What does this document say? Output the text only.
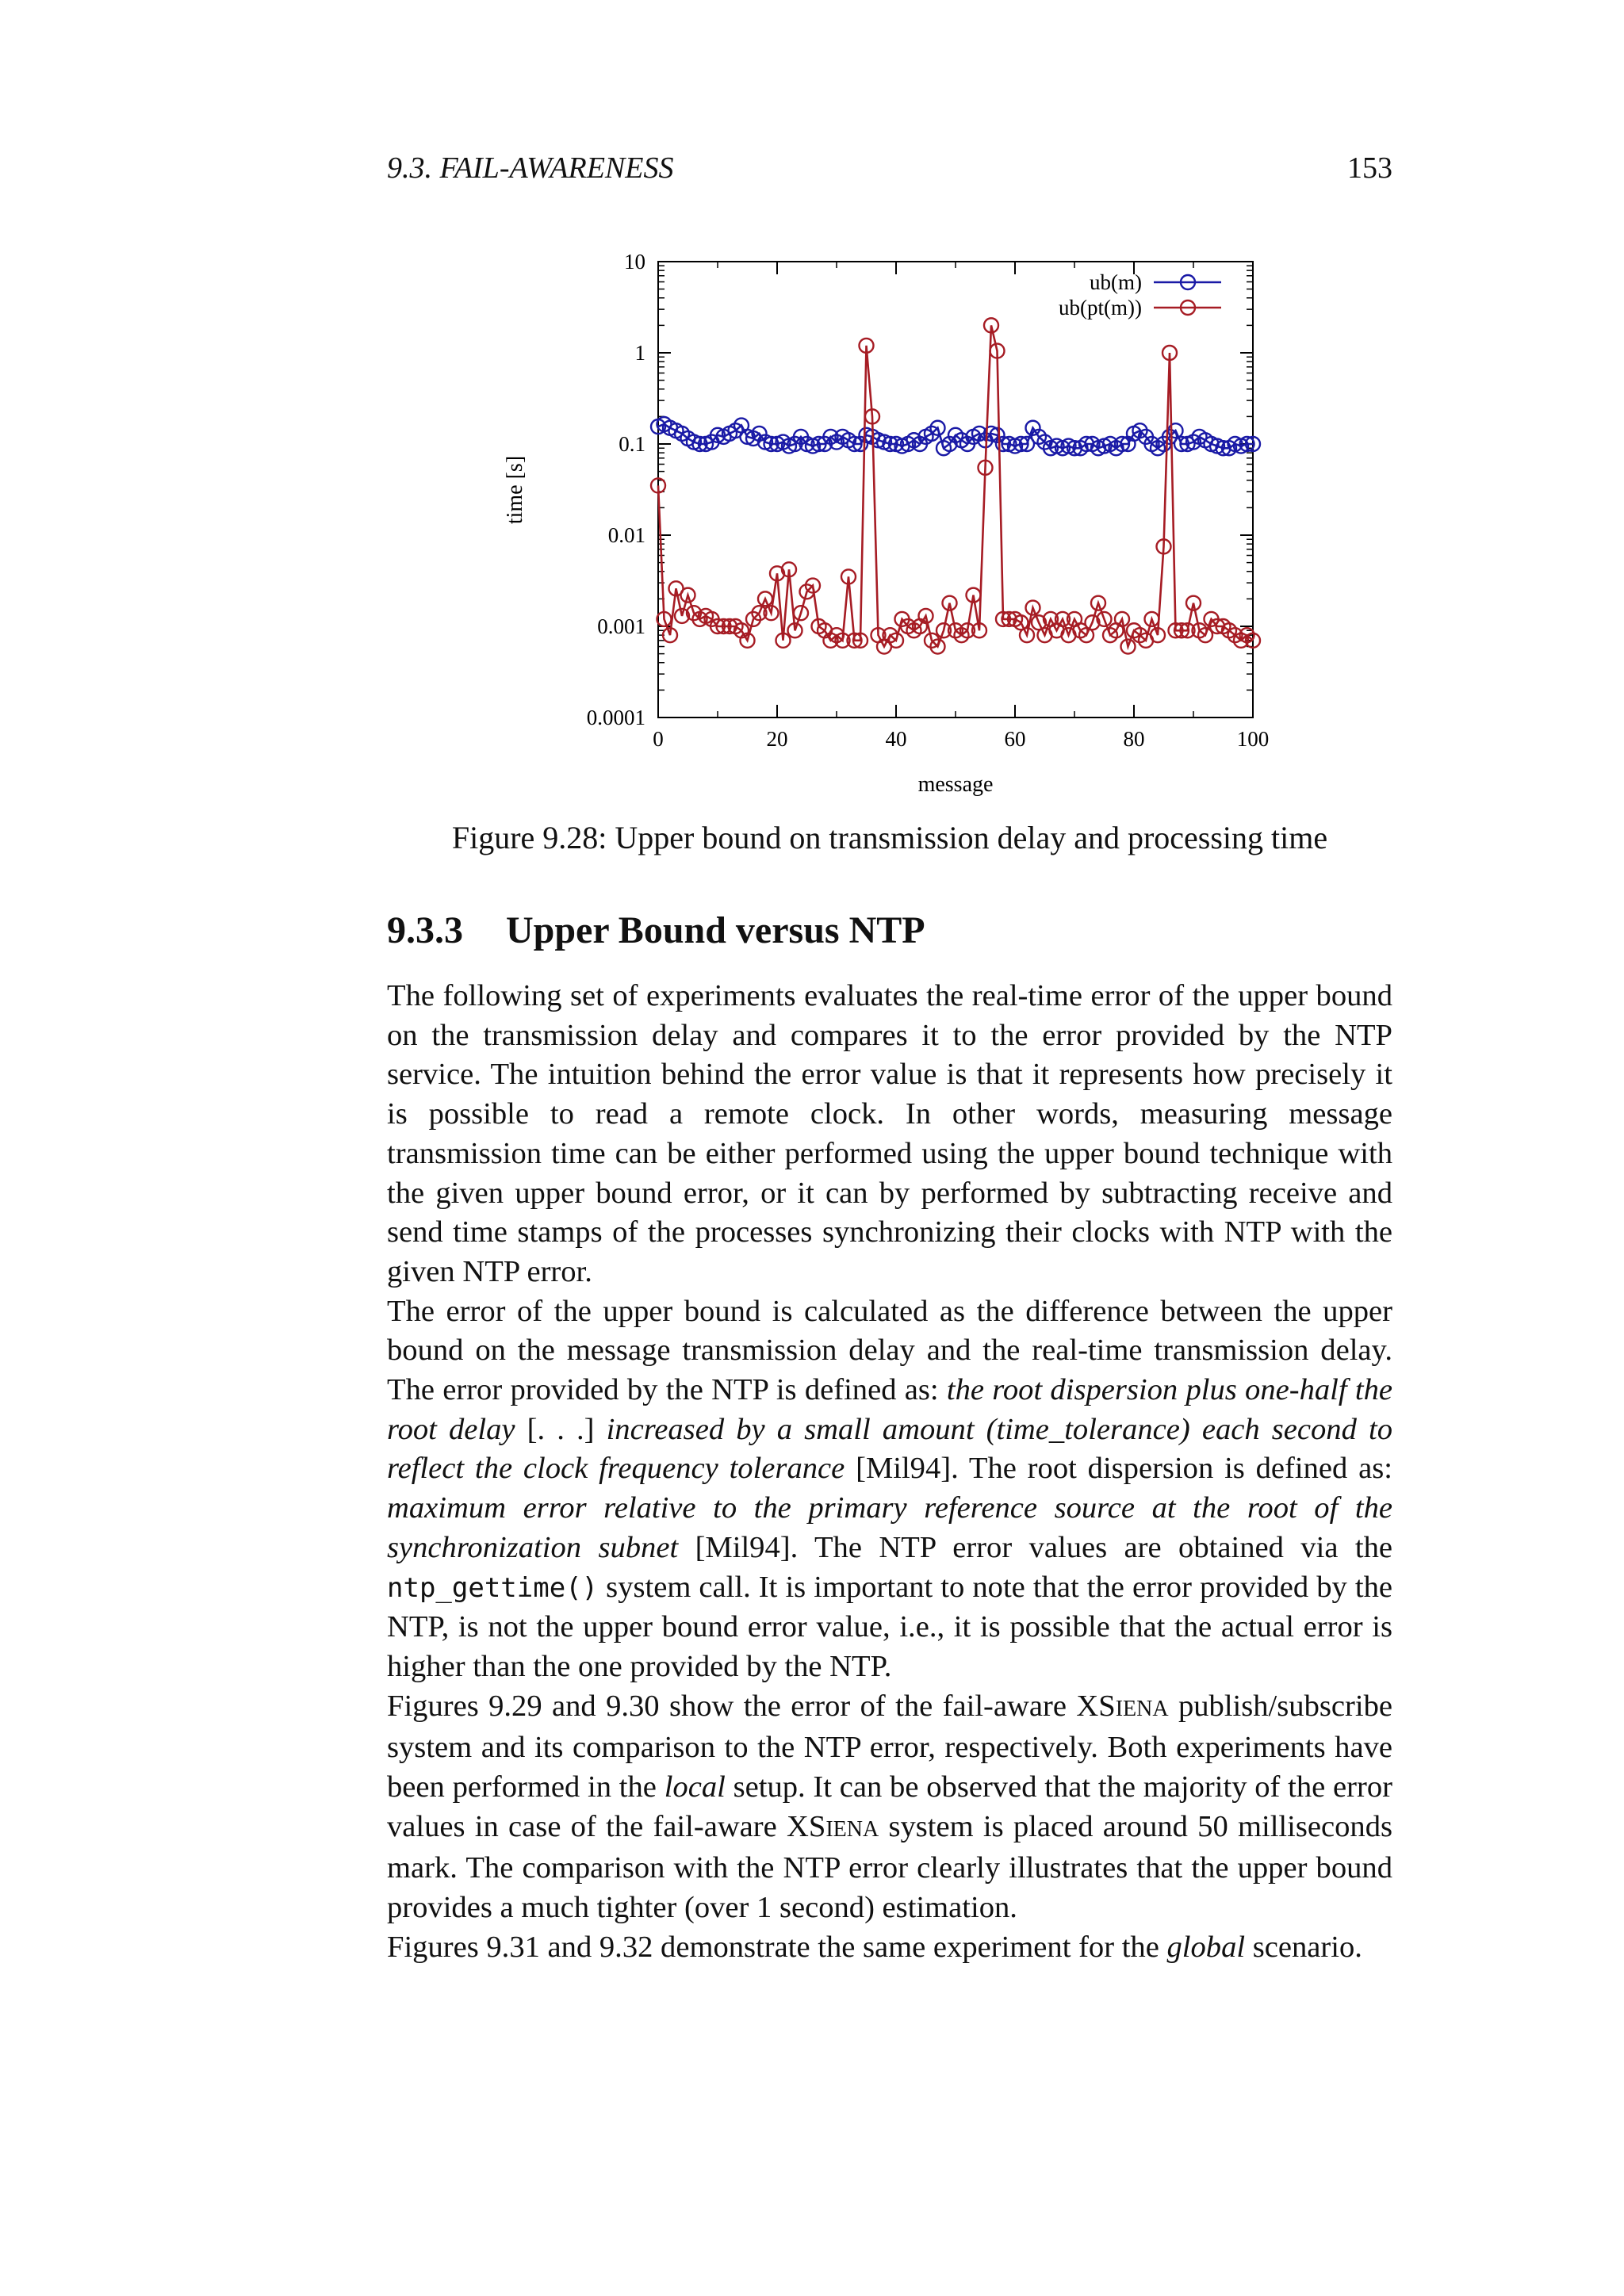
9.3. FAIL-AWARENESS	153
10
1
0.1
0.01
0.001
0.0001
0	20	40	60	80	100
message
time [s]
ub(m)
ub(pt(m))
Figure 9.28: Upper bound on transmission delay and processing time
9.3.3 Upper Bound versus NTP

The following set of experiments evaluates the real-time error of the upper bound on the transmission delay and compares it to the error provided by the NTP service. The intuition behind the error value is that it represents how precisely it is possible to read a remote clock. In other words, measuring message transmission time can be either performed using the upper bound technique with the given upper bound error, or it can by performed by subtracting receive and send time stamps of the processes synchronizing their clocks with NTP with the given NTP error.

The error of the upper bound is calculated as the difference between the upper bound on the message transmission delay and the real-time transmission delay. The error provided by the NTP is defined as: the root dispersion plus one-half the root delay [. . .] increased by a small amount (time_tolerance) each second to reflect the clock frequency tolerance [Mil94]. The root dispersion is defined as: maximum error relative to the primary reference source at the root of the synchronization subnet [Mil94]. The NTP error values are obtained via the ntp_gettime() system call. It is important to note that the error provided by the NTP, is not the upper bound error value, i.e., it is possible that the actual error is higher than the one provided by the NTP.

Figures 9.29 and 9.30 show the error of the fail-aware XSIENA publish/subscribe system and its comparison to the NTP error, respectively. Both experiments have been performed in the local setup. It can be observed that the majority of the error values in case of the fail-aware XSIENA system is placed around 50 milliseconds mark. The comparison with the NTP error clearly illustrates that the upper bound provides a much tighter (over 1 second) estimation.

Figures 9.31 and 9.32 demonstrate the same experiment for the global scenario.
